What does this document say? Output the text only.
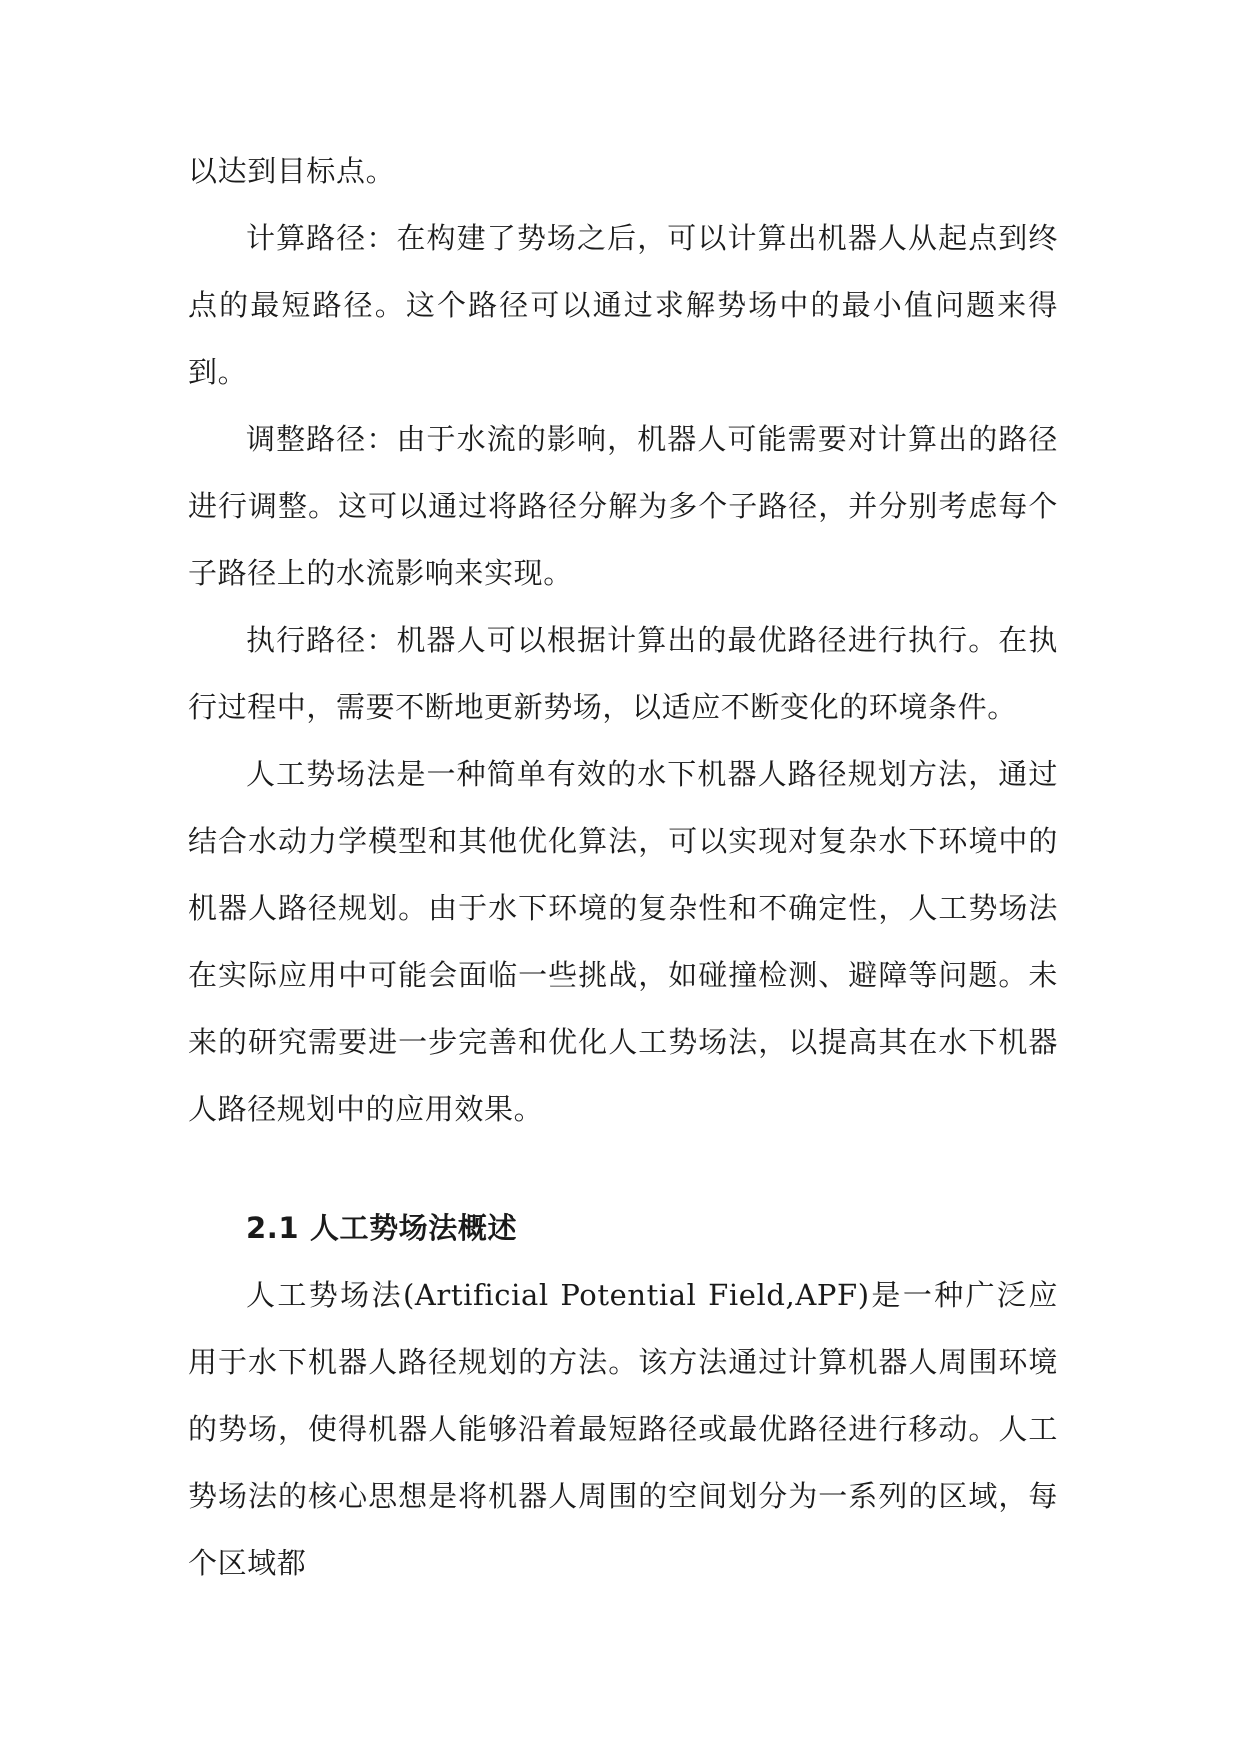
以达到目标点。

计算路径：在构建了势场之后，可以计算出机器人从起点到终点的最短路径。这个路径可以通过求解势场中的最小值问题来得到。

调整路径：由于水流的影响，机器人可能需要对计算出的路径进行调整。这可以通过将路径分解为多个子路径，并分别考虑每个子路径上的水流影响来实现。

执行路径：机器人可以根据计算出的最优路径进行执行。在执行过程中，需要不断地更新势场，以适应不断变化的环境条件。

人工势场法是一种简单有效的水下机器人路径规划方法，通过结合水动力学模型和其他优化算法，可以实现对复杂水下环境中的机器人路径规划。由于水下环境的复杂性和不确定性，人工势场法在实际应用中可能会面临一些挑战，如碰撞检测、避障等问题。未来的研究需要进一步完善和优化人工势场法，以提高其在水下机器人路径规划中的应用效果。

2.1 人工势场法概述

人工势场法(Artificial Potential Field,APF)是一种广泛应用于水下机器人路径规划的方法。该方法通过计算机器人周围环境的势场，使得机器人能够沿着最短路径或最优路径进行移动。人工势场法的核心思想是将机器人周围的空间划分为一系列的区域，每个区域都
